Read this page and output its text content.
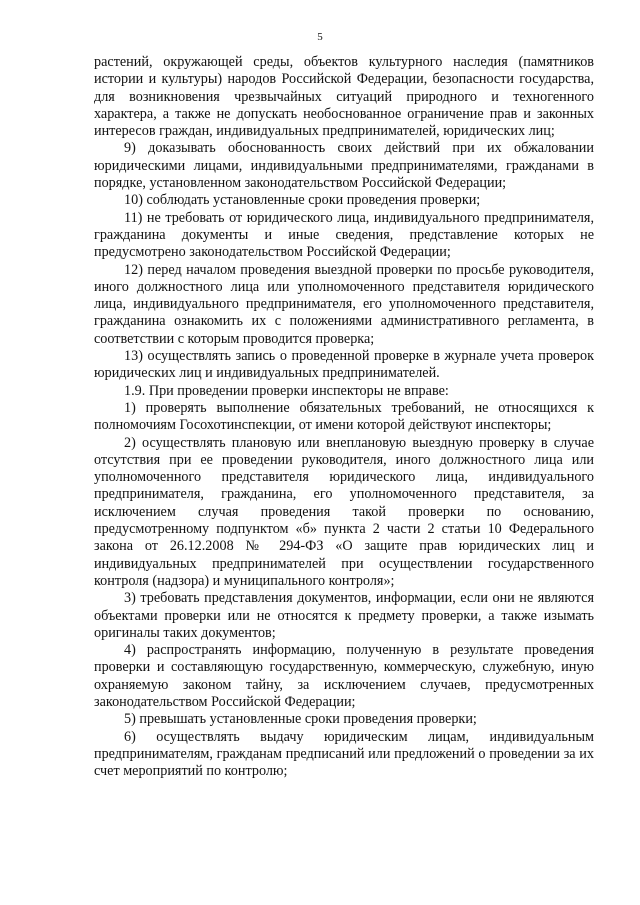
5

растений, окружающей среды, объектов культурного наследия (памятников истории и культуры) народов Российской Федерации, безопасности государства, для возникновения чрезвычайных ситуаций природного и техногенного характера, а также не допускать необоснованное ограничение прав и законных интересов граждан, индивидуальных предпринимателей, юридических лиц;

9) доказывать обоснованность своих действий при их обжаловании юридическими лицами, индивидуальными предпринимателями, гражданами в порядке, установленном законодательством Российской Федерации;

10) соблюдать установленные сроки проведения проверки;

11) не требовать от юридического лица, индивидуального предпринимателя, гражданина документы и иные сведения, представление которых не предусмотрено законодательством Российской Федерации;

12) перед началом проведения выездной проверки по просьбе руководителя, иного должностного лица или уполномоченного представителя юридического лица, индивидуального предпринимателя, его уполномоченного представителя, гражданина ознакомить их с положениями административного регламента, в соответствии с которым проводится проверка;

13) осуществлять запись о проведенной проверке в журнале учета проверок юридических лиц и индивидуальных предпринимателей.

1.9. При проведении проверки инспекторы не вправе:

1) проверять выполнение обязательных требований, не относящихся к полномочиям Госохотинспекции, от имени которой действуют инспекторы;

2) осуществлять плановую или внеплановую выездную проверку в случае отсутствия при ее проведении руководителя, иного должностного лица или уполномоченного представителя юридического лица, индивидуального предпринимателя, гражданина, его уполномоченного представителя, за исключением случая проведения такой проверки по основанию, предусмотренному подпунктом «б» пункта 2 части 2 статьи 10 Федерального закона от 26.12.2008 № 294-ФЗ «О защите прав юридических лиц и индивидуальных предпринимателей при осуществлении государственного контроля (надзора) и муниципального контроля»;

3) требовать представления документов, информации, если они не являются объектами проверки или не относятся к предмету проверки, а также изымать оригиналы таких документов;

4) распространять информацию, полученную в результате проведения проверки и составляющую государственную, коммерческую, служебную, иную охраняемую законом тайну, за исключением случаев, предусмотренных законодательством Российской Федерации;

5) превышать установленные сроки проведения проверки;

6) осуществлять выдачу юридическим лицам, индивидуальным предпринимателям, гражданам предписаний или предложений о проведении за их счет мероприятий по контролю;
